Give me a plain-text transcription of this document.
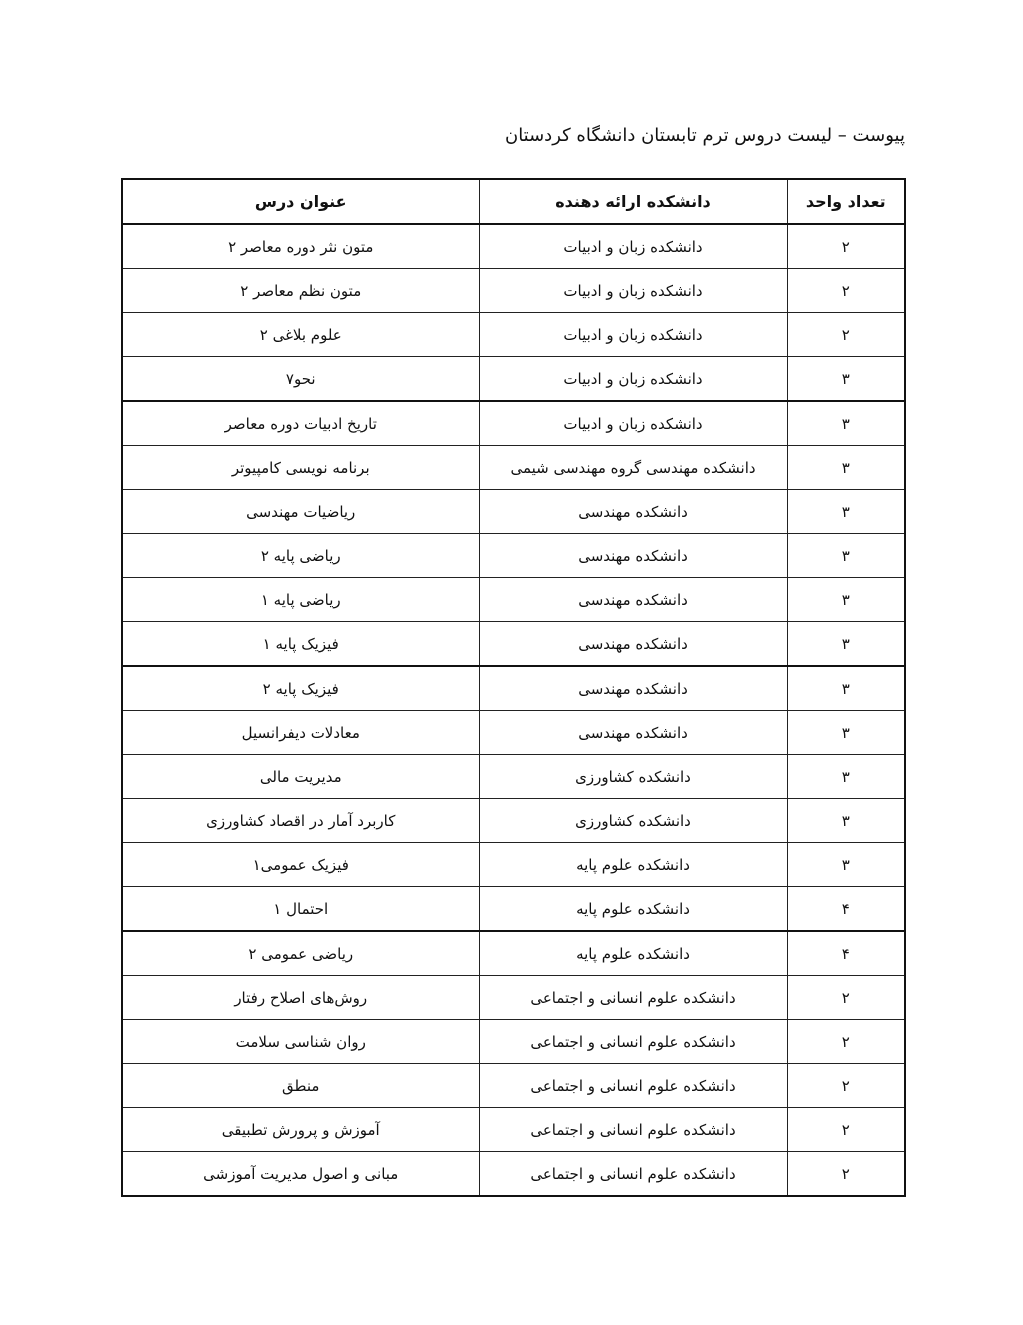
پیوست – لیست دروس ترم تابستان دانشگاه کردستان
تعداد واحد	دانشکده ارائه دهنده	عنوان درس
۲	دانشکده زبان و ادبیات	متون نثر دوره معاصر ۲
۲	دانشکده زبان و ادبیات	متون نظم معاصر ۲
۲	دانشکده زبان و ادبیات	علوم بلاغی ۲
۳	دانشکده زبان و ادبیات	نحو۷
۳	دانشکده زبان و ادبیات	تاریخ ادبیات دوره معاصر
۳	دانشکده مهندسی گروه مهندسی شیمی	برنامه نویسی کامپیوتر
۳	دانشکده مهندسی	ریاضیات مهندسی
۳	دانشکده مهندسی	ریاضی پایه ۲
۳	دانشکده مهندسی	ریاضی پایه ۱
۳	دانشکده مهندسی	فیزیک پایه ۱
۳	دانشکده مهندسی	فیزیک پایه ۲
۳	دانشکده مهندسی	معادلات دیفرانسیل
۳	دانشکده کشاورزی	مدیریت مالی
۳	دانشکده کشاورزی	کاربرد آمار در اقصاد کشاورزی
۳	دانشکده علوم پایه	فیزیک عمومی۱
۴	دانشکده علوم پایه	احتمال ۱
۴	دانشکده علوم پایه	ریاضی عمومی ۲
۲	دانشکده علوم انسانی و اجتماعی	روش‌های اصلاح رفتار
۲	دانشکده علوم انسانی و اجتماعی	روان شناسی سلامت
۲	دانشکده علوم انسانی و اجتماعی	منطق
۲	دانشکده علوم انسانی و اجتماعی	آموزش و پرورش تطبیقی
۲	دانشکده علوم انسانی و اجتماعی	مبانی و اصول مدیریت آموزشی
